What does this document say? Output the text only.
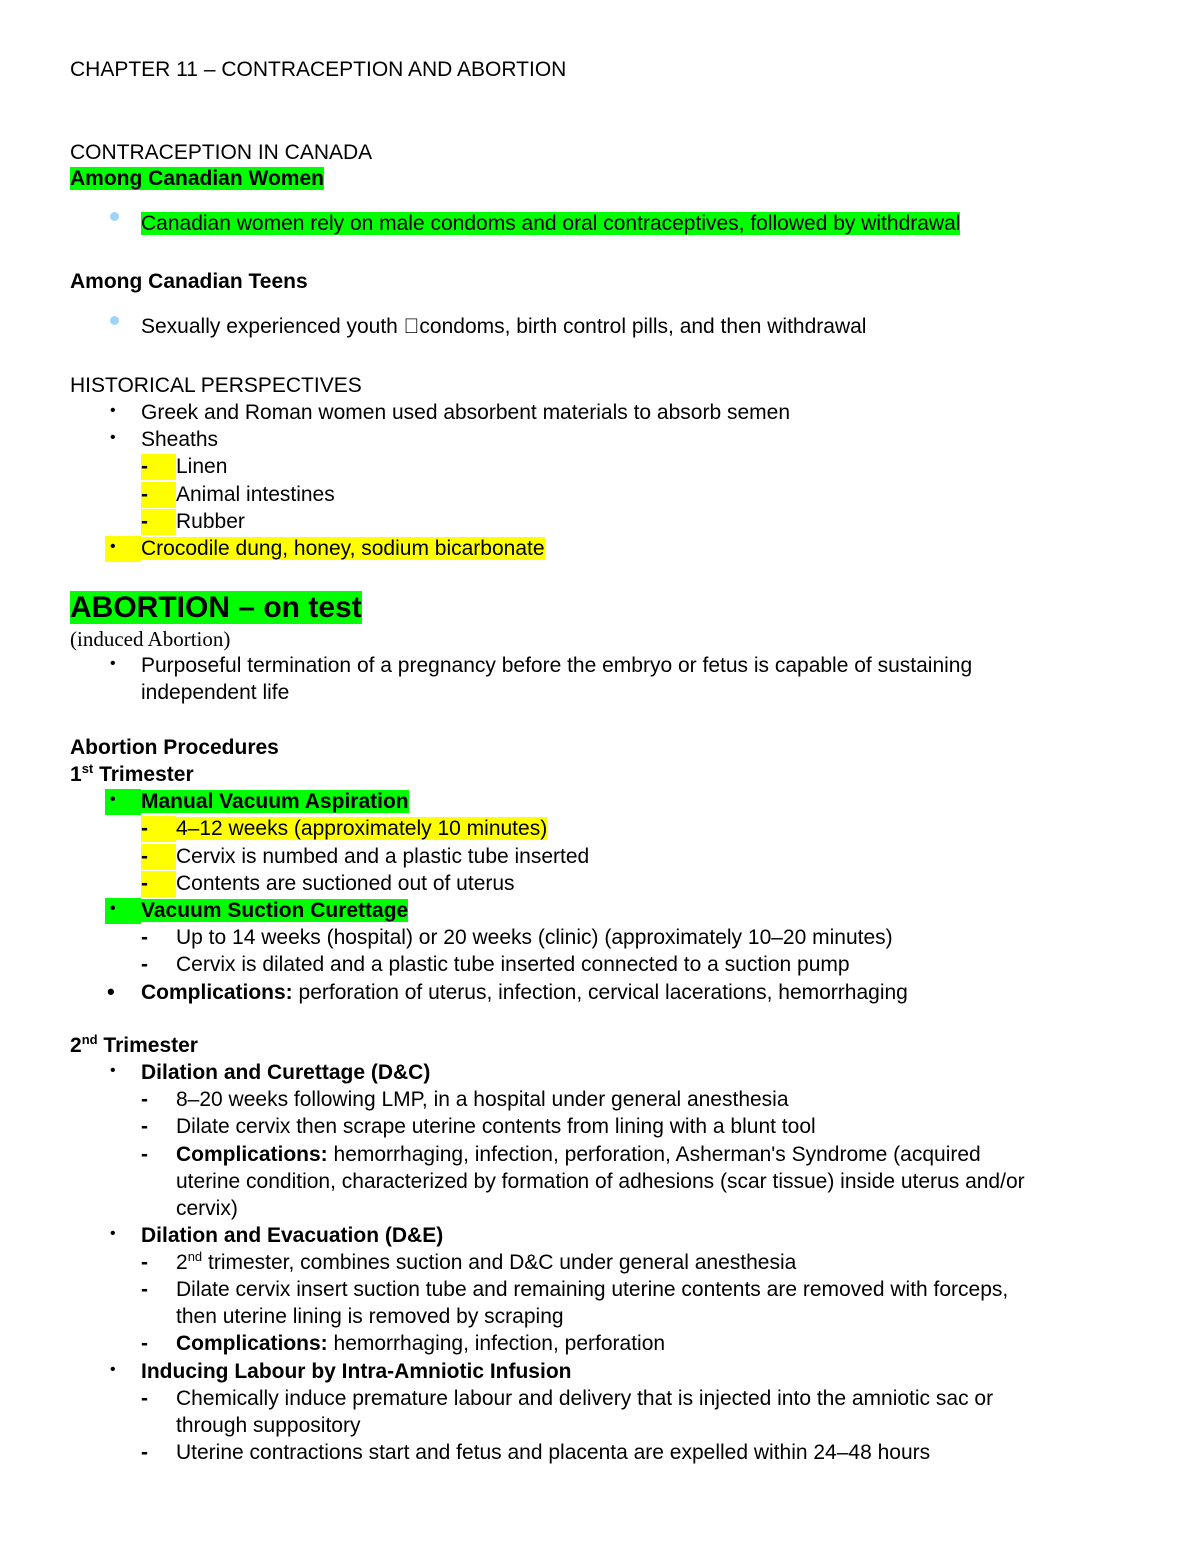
CHAPTER 11 – CONTRACEPTION AND ABORTION
CONTRACEPTION IN CANADA
Among Canadian Women
Canadian women rely on male condoms and oral contraceptives, followed by withdrawal
Among Canadian Teens
Sexually experienced youth condoms, birth control pills, and then withdrawal
HISTORICAL PERSPECTIVES
• Greek and Roman women used absorbent materials to absorb semen
• Sheaths
-	Linen
-	Animal intestines
-	Rubber
• Crocodile dung, honey, sodium bicarbonate
ABORTION – on test
(induced Abortion)
• Purposeful termination of a pregnancy before the embryo or fetus is capable of sustaining
independent life
Abortion Procedures
1st Trimester
• Manual Vacuum Aspiration
-	4–12 weeks (approximately 10 minutes)
-	Cervix is numbed and a plastic tube inserted
-	Contents are suctioned out of uterus
• Vacuum Suction Curettage
- Up to 14 weeks (hospital) or 20 weeks (clinic) (approximately 10–20 minutes)
- Cervix is dilated and a plastic tube inserted connected to a suction pump
• Complications: perforation of uterus, infection, cervical lacerations, hemorrhaging
2nd Trimester
• Dilation and Curettage (D&C)
- 8–20 weeks following LMP, in a hospital under general anesthesia
- Dilate cervix then scrape uterine contents from lining with a blunt tool
- Complications: hemorrhaging, infection, perforation, Asherman's Syndrome (acquired
uterine condition, characterized by formation of adhesions (scar tissue) inside uterus and/or
cervix)
• Dilation and Evacuation (D&E)
- 2nd trimester, combines suction and D&C under general anesthesia
- Dilate cervix insert suction tube and remaining uterine contents are removed with forceps,
then uterine lining is removed by scraping
- Complications: hemorrhaging, infection, perforation
• Inducing Labour by Intra-Amniotic Infusion
- Chemically induce premature labour and delivery that is injected into the amniotic sac or
through suppository
- Uterine contractions start and fetus and placenta are expelled within 24–48 hours
